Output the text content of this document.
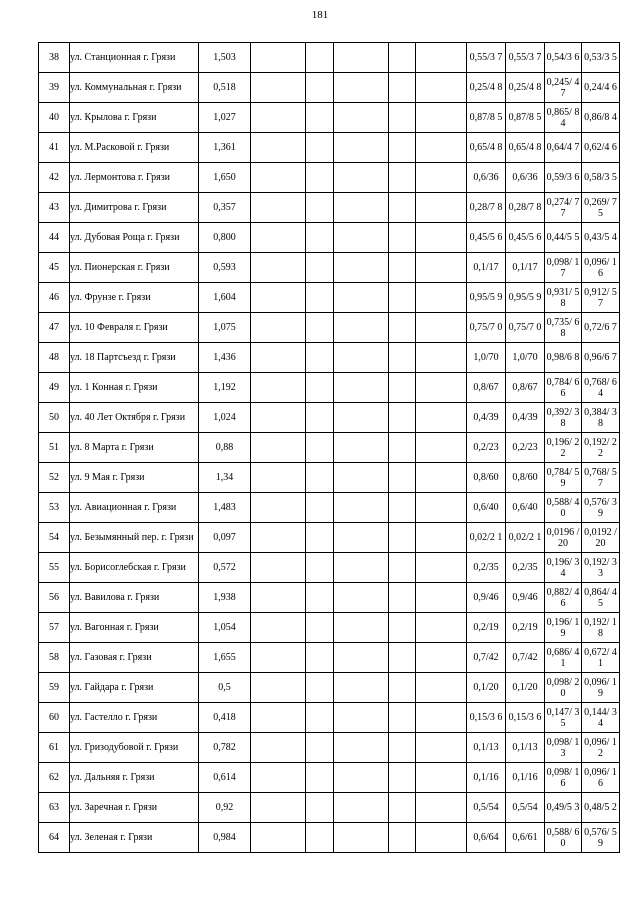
181
38	ул. Станционная г. Грязи	1,503						0,55/3 7	0,55/3 7	0,54/3 6	0,53/3 5
39	ул. Коммунальная г. Грязи	0,518						0,25/4 8	0,25/4 8	0,245/ 47	0,24/4 6
40	ул. Крылова г. Грязи	1,027						0,87/8 5	0,87/8 5	0,865/ 84	0,86/8 4
41	ул. М.Расковой г. Грязи	1,361						0,65/4 8	0,65/4 8	0,64/4 7	0,62/4 6
42	ул. Лермонтова г. Грязи	1,650						0,6/36	0,6/36	0,59/3 6	0,58/3 5
43	ул. Димитрова г. Грязи	0,357						0,28/7 8	0,28/7 8	0,274/ 77	0,269/ 75
44	ул. Дубовая Роща г. Грязи	0,800						0,45/5 6	0,45/5 6	0,44/5 5	0,43/5 4
45	ул. Пионерская г. Грязи	0,593						0,1/17	0,1/17	0,098/ 17	0,096/ 16
46	ул. Фрунзе г. Грязи	1,604						0,95/5 9	0,95/5 9	0,931/ 58	0,912/ 57
47	ул. 10 Февраля г. Грязи	1,075						0,75/7 0	0,75/7 0	0,735/ 68	0,72/6 7
48	ул. 18 Партсъезд г. Грязи	1,436						1,0/70	1,0/70	0,98/6 8	0,96/6 7
49	ул. 1 Конная г. Грязи	1,192						0,8/67	0,8/67	0,784/ 66	0,768/ 64
50	ул. 40 Лет Октября г. Грязи	1,024						0,4/39	0,4/39	0,392/ 38	0,384/ 38
51	ул. 8 Марта г. Грязи	0,88						0,2/23	0,2/23	0,196/ 22	0,192/ 22
52	ул. 9 Мая г. Грязи	1,34						0,8/60	0,8/60	0,784/ 59	0,768/ 57
53	ул. Авиационная г. Грязи	1,483						0,6/40	0,6/40	0,588/ 40	0,576/ 39
54	ул. Безымянный пер. г. Грязи	0,097						0,02/2 1	0,02/2 1	0,0196 /20	0,0192 /20
55	ул. Борисоглебская г. Грязи	0,572						0,2/35	0,2/35	0,196/ 34	0,192/ 33
56	ул. Вавилова г. Грязи	1,938						0,9/46	0,9/46	0,882/ 46	0,864/ 45
57	ул. Вагонная г. Грязи	1,054						0,2/19	0,2/19	0,196/ 19	0,192/ 18
58	ул. Газовая г. Грязи	1,655						0,7/42	0,7/42	0,686/ 41	0,672/ 41
59	ул. Гайдара г. Грязи	0,5						0,1/20	0,1/20	0,098/ 20	0,096/ 19
60	ул. Гастелло г. Грязи	0,418						0,15/3 6	0,15/3 6	0,147/ 35	0,144/ 34
61	ул. Гризодубовой г. Грязи	0,782						0,1/13	0,1/13	0,098/ 13	0,096/ 12
62	ул. Дальняя г. Грязи	0,614						0,1/16	0,1/16	0,098/ 16	0,096/ 16
63	ул. Заречная г. Грязи	0,92						0,5/54	0,5/54	0,49/5 3	0,48/5 2
64	ул. Зеленая г. Грязи	0,984						0,6/64	0,6/61	0,588/ 60	0,576/ 59
